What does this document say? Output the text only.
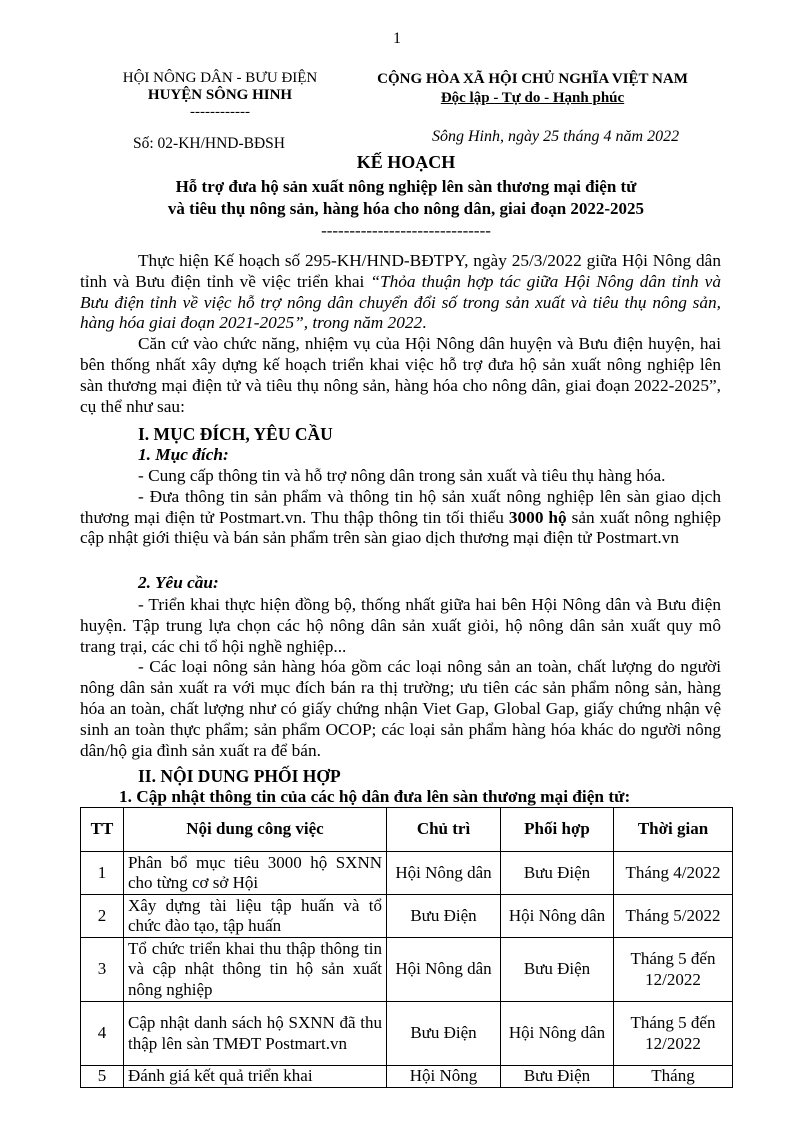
1
HỘI NÔNG DÂN - BƯU ĐIỆN
HUYỆN SÔNG HINH
------------
CỘNG HÒA XÃ HỘI CHỦ NGHĨA VIỆT NAM
Độc lập - Tự do - Hạnh phúc
Số: 02-KH/HND-BĐSH	Sông Hinh, ngày 25 tháng 4 năm 2022
KẾ HOẠCH
Hỗ trợ đưa hộ sản xuất nông nghiệp lên sàn thương mại điện tử
và tiêu thụ nông sản, hàng hóa cho nông dân, giai đoạn 2022-2025
------------------------------

Thực hiện Kế hoạch số 295-KH/HND-BĐTPY, ngày 25/3/2022 giữa Hội Nông dân tỉnh và Bưu điện tỉnh về việc triển khai “Thỏa thuận hợp tác giữa Hội Nông dân tỉnh và Bưu điện tỉnh về việc hỗ trợ nông dân chuyển đổi số trong sản xuất và tiêu thụ nông sản, hàng hóa giai đoạn 2021-2025”, trong năm 2022.

Căn cứ vào chức năng, nhiệm vụ của Hội Nông dân huyện và Bưu điện huyện, hai bên thống nhất xây dựng kế hoạch triển khai việc hỗ trợ đưa hộ sản xuất nông nghiệp lên sàn thương mại điện tử và tiêu thụ nông sản, hàng hóa cho nông dân, giai đoạn 2022-2025”, cụ thể như sau:

I. MỤC ĐÍCH, YÊU CẦU
1. Mục đích:

- Cung cấp thông tin và hỗ trợ nông dân trong sản xuất và tiêu thụ hàng hóa.

- Đưa thông tin sản phẩm và thông tin hộ sản xuất nông nghiệp lên sàn giao dịch thương mại điện tử Postmart.vn. Thu thập thông tin tối thiểu 3000 hộ sản xuất nông nghiệp cập nhật giới thiệu và bán sản phẩm trên sàn giao dịch thương mại điện tử Postmart.vn

2. Yêu cầu:

- Triển khai thực hiện đồng bộ, thống nhất giữa hai bên Hội Nông dân và Bưu điện huyện. Tập trung lựa chọn các hộ nông dân sản xuất giỏi, hộ nông dân sản xuất quy mô trang trại, các chi tổ hội nghề nghiệp...

- Các loại nông sản hàng hóa gồm các loại nông sản an toàn, chất lượng do người nông dân sản xuất ra với mục đích bán ra thị trường; ưu tiên các sản phẩm nông sản, hàng hóa an toàn, chất lượng như có giấy chứng nhận Viet Gap, Global Gap, giấy chứng nhận vệ sinh an toàn thực phẩm; sản phẩm OCOP; các loại sản phẩm hàng hóa khác do người nông dân/hộ gia đình sản xuất ra để bán.

II. NỘI DUNG PHỐI HỢP
1. Cập nhật thông tin của các hộ dân đưa lên sàn thương mại điện tử:
TT	Nội dung công việc	Chủ trì	Phối hợp	Thời gian
1	Phân bổ mục tiêu 3000 hộ SXNN cho từng cơ sở Hội	Hội Nông dân	Bưu Điện	Tháng 4/2022
2	Xây dựng tài liệu tập huấn và tổ chức đào tạo, tập huấn	Bưu Điện	Hội Nông dân	Tháng 5/2022
3	Tổ chức triển khai thu thập thông tin và cập nhật thông tin hộ sản xuất nông nghiệp	Hội Nông dân	Bưu Điện	Tháng 5 đến 12/2022
4	Cập nhật danh sách hộ SXNN đã thu thập lên sàn TMĐT Postmart.vn	Bưu Điện	Hội Nông dân	Tháng 5 đến 12/2022
5	Đánh giá kết quả triển khai	Hội Nông	Bưu Điện	Tháng
